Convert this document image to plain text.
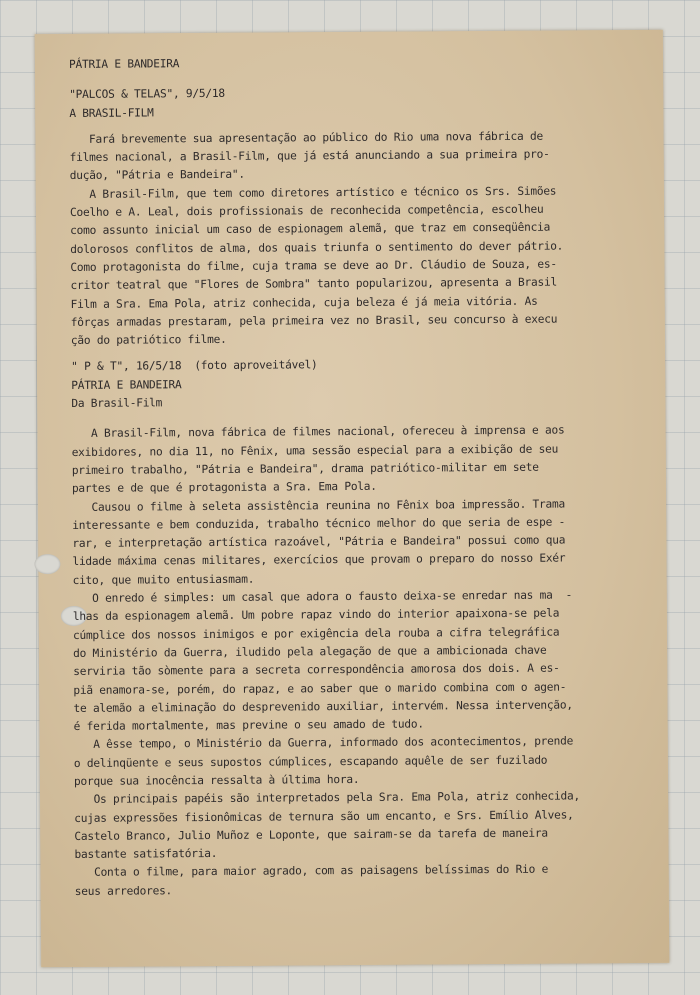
PÁTRIA E BANDEIRA
"PALCOS & TELAS", 9/5/18
A BRASIL-FILM
Fará brevemente sua apresentação ao público do Rio uma nova fábrica de
filmes nacional, a Brasil-Film, que já está anunciando a sua primeira pro-
dução, "Pátria e Bandeira".
A Brasil-Film, que tem como diretores artístico e técnico os Srs. Simões
Coelho e A. Leal, dois profissionais de reconhecida competência, escolheu
como assunto inicial um caso de espionagem alemã, que traz em conseqüência
dolorosos conflitos de alma, dos quais triunfa o sentimento do dever pátrio.
Como protagonista do filme, cuja trama se deve ao Dr. Cláudio de Souza, es-
critor teatral que "Flores de Sombra" tanto popularizou, apresenta a Brasil
Film a Sra. Ema Pola, atriz conhecida, cuja beleza é já meia vitória. As
fôrças armadas prestaram, pela primeira vez no Brasil, seu concurso à execu
ção do patriótico filme.
" P & T", 16/5/18  (foto aproveitável)
PÁTRIA E BANDEIRA
Da Brasil-Film
A Brasil-Film, nova fábrica de filmes nacional, ofereceu à imprensa e aos
exibidores, no dia 11, no Fênix, uma sessão especial para a exibição de seu
primeiro trabalho, "Pátria e Bandeira", drama patriótico-militar em sete
partes e de que é protagonista a Sra. Ema Pola.
Causou o filme à seleta assistência reunina no Fênix boa impressão. Trama
interessante e bem conduzida, trabalho técnico melhor do que seria de espe -
rar, e interpretação artística razoável, "Pátria e Bandeira" possui como qua
lidade máxima cenas militares, exercícios que provam o preparo do nosso Exér
cito, que muito entusiasmam.
O enredo é simples: um casal que adora o fausto deixa-se enredar nas ma  -
lhas da espionagem alemã. Um pobre rapaz vindo do interior apaixona-se pela
cúmplice dos nossos inimigos e por exigência dela rouba a cifra telegráfica
do Ministério da Guerra, iludido pela alegação de que a ambicionada chave
serviria tão sòmente para a secreta correspondência amorosa dos dois. A es-
piã enamora-se, porém, do rapaz, e ao saber que o marido combina com o agen-
te alemão a eliminação do desprevenido auxiliar, intervém. Nessa intervenção,
é ferida mortalmente, mas previne o seu amado de tudo.
A êsse tempo, o Ministério da Guerra, informado dos acontecimentos, prende
o delinqüente e seus supostos cúmplices, escapando aquêle de ser fuzilado
porque sua inocência ressalta à última hora.
Os principais papéis são interpretados pela Sra. Ema Pola, atriz conhecida,
cujas expressões fisionômicas de ternura são um encanto, e Srs. Emílio Alves,
Castelo Branco, Julio Muñoz e Loponte, que sairam-se da tarefa de maneira
bastante satisfatória.
Conta o filme, para maior agrado, com as paisagens belíssimas do Rio e
seus arredores.
